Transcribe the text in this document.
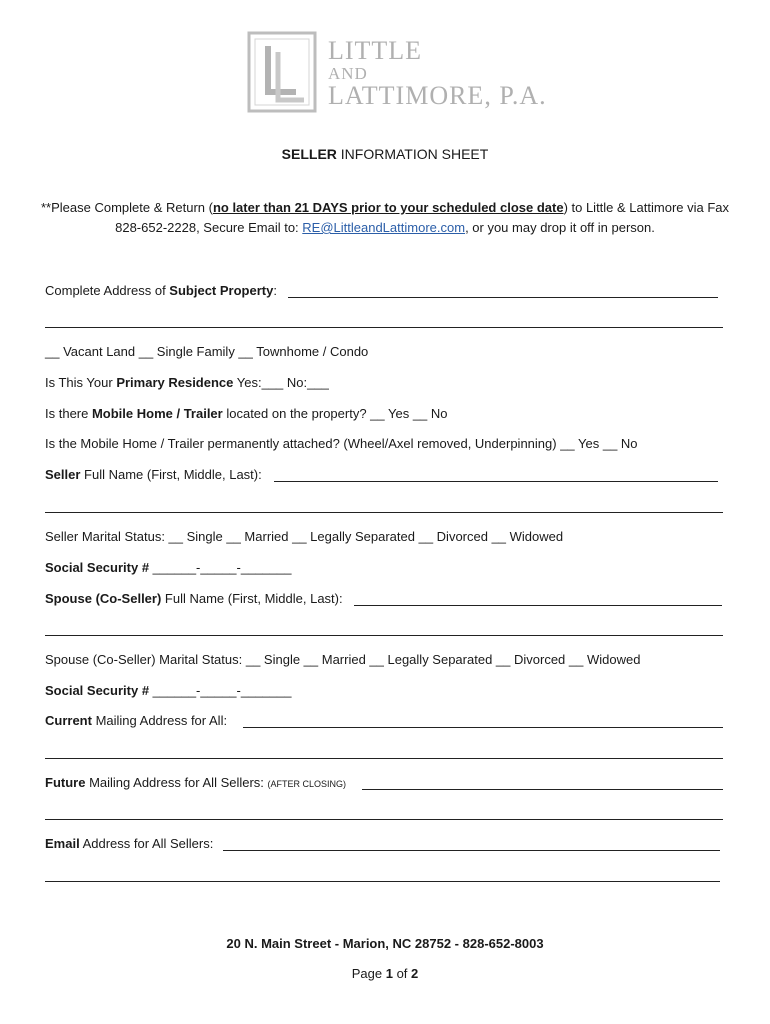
LITTLE
AND
LATTIMORE, P.A.
SELLER INFORMATION SHEET
**Please Complete & Return (no later than 21 DAYS prior to your scheduled close date) to Little & Lattimore via Fax 828-652-2228, Secure Email to: RE@LittleandLattimore.com, or you may drop it off in person.
Complete Address of Subject Property:
__ Vacant Land __ Single Family __ Townhome / Condo
Is This Your Primary Residence Yes:___ No:___
Is there Mobile Home / Trailer located on the property? __ Yes __ No
Is the Mobile Home / Trailer permanently attached? (Wheel/Axel removed, Underpinning) __ Yes __ No
Seller Full Name (First, Middle, Last):
Seller Marital Status: __ Single __ Married __ Legally Separated __ Divorced __ Widowed
Social Security # ______-_____-_______
Spouse (Co-Seller) Full Name (First, Middle, Last):
Spouse (Co-Seller) Marital Status: __ Single __ Married __ Legally Separated __ Divorced __ Widowed
Social Security # ______-_____-_______
Current Mailing Address for All:
Future Mailing Address for All Sellers: (AFTER CLOSING)
Email Address for All Sellers:
20 N. Main Street - Marion, NC 28752 - 828-652-8003
Page 1 of 2
